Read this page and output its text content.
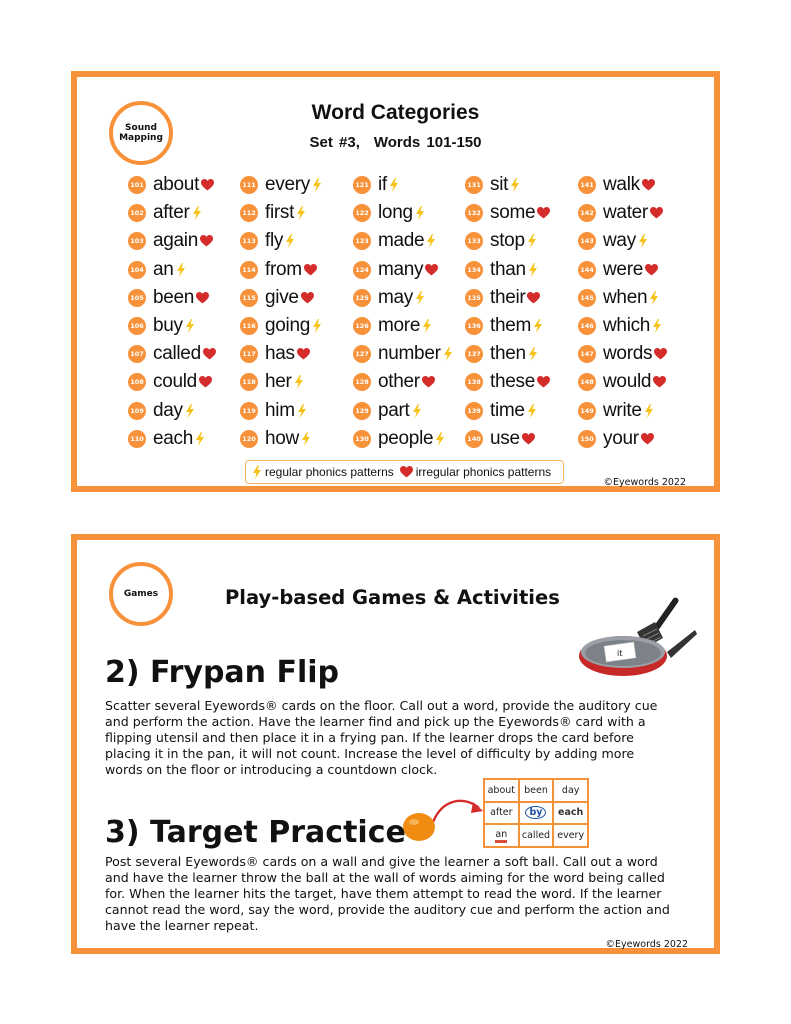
Sound Mapping
Word Categories
Set #3, Words 101-150
101 about
102 after
103 again
104 an
105 been
106 buy
107 called
108 could
109 day
110 each
111 every
112 first
113 fly
114 from
115 give
116 going
117 has
118 her
119 him
120 how
121 if
122 long
123 made
124 many
125 may
126 more
127 number
128 other
129 part
130 people
131 sit
132 some
133 stop
134 than
135 their
136 them
137 then
138 these
139 time
140 use
141 walk
142 water
143 way
144 were
145 when
146 which
147 words
148 would
149 write
150 your
regular phonics patterns irregular phonics patterns
©Eyewords 2022
Games	Play-based Games & Activities
it
2) Frypan Flip
Scatter several Eyewords® cards on the floor. Call out a word, provide the auditory cue and perform the action. Have the learner find and pick up the Eyewords® card with a flipping utensil and then place it in a frying pan. If the learner drops the card before placing it in the pan, it will not count. Increase the level of difficulty by adding more words on the floor or introducing a countdown clock.
about been day
after	by	each
an called every
3) Target Practice
Post several Eyewords® cards on a wall and give the learner a soft ball. Call out a word and have the learner throw the ball at the wall of words aiming for the word being called for. When the learner hits the target, have them attempt to read the word. If the learner cannot read the word, say the word, provide the auditory cue and perform the action and have the learner repeat.
©Eyewords 2022
